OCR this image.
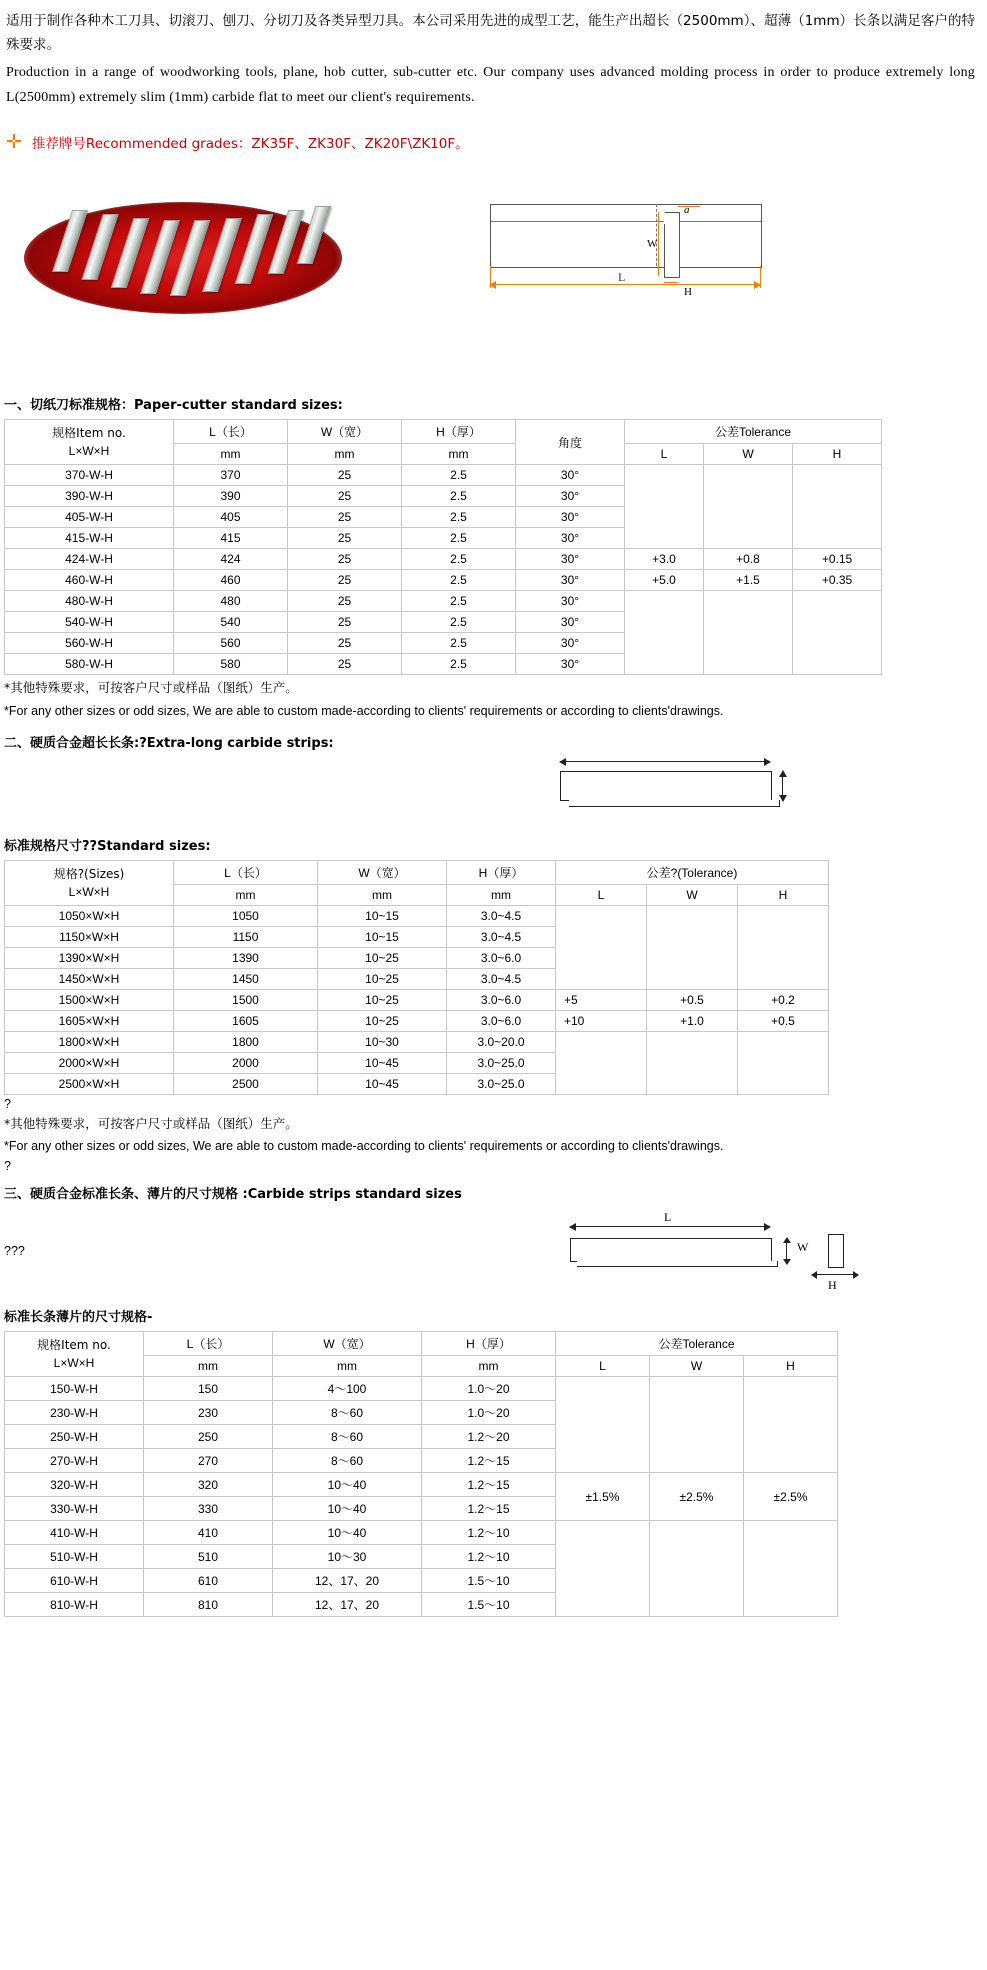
适用于制作各种木工刀具、切滚刀、刨刀、分切刀及各类异型刀具。本公司采用先进的成型工艺，能生产出超长（2500mm）、超薄（1mm）长条以满足客户的特殊要求。

Production in a range of woodworking tools, plane, hob cutter, sub-cutter etc. Our company uses advanced molding process in order to produce extremely long L(2500mm) extremely slim (1mm) carbide flat to meet our client's requirements.

✛ 推荐牌号Recommended grades： ZK35F、ZK30F、ZK20F\ZK10F。
L
a
W
H
一、切纸刀标准规格：Paper-cutter standard sizes:
规格Item no.
L×W×H	L（长）	W（宽）	H（厚）	角度	公差Tolerance		
	mm	mm	mm		L	W	H
370-W-H	370	25	2.5	30°			
390-W-H	390	25	2.5	30°			
405-W-H	405	25	2.5	30°			
415-W-H	415	25	2.5	30°			
424-W-H	424	25	2.5	30°	+3.0	+0.8	+0.15
460-W-H	460	25	2.5	30°	+5.0	+1.5	+0.35
480-W-H	480	25	2.5	30°			
540-W-H	540	25	2.5	30°			
560-W-H	560	25	2.5	30°			
580-W-H	580	25	2.5	30°			
*其他特殊要求，可按客户尺寸或样品（图纸）生产。
*For any other sizes or odd sizes, We are able to custom made-according to clients' requirements or according to clients'drawings.
二、硬质合金超长长条:?Extra-long carbide strips:
标准规格尺寸??Standard sizes:
规格?(Sizes)
L×W×H	L（长）	W（宽）	H（厚）	公差?(Tolerance)		
	mm	mm	mm	L	W	H
1050×W×H	1050	10~15	3.0~4.5			
1150×W×H	1150	10~15	3.0~4.5			
1390×W×H	1390	10~25	3.0~6.0			
1450×W×H	1450	10~25	3.0~4.5			
1500×W×H	1500	10~25	3.0~6.0	+5	+0.5	+0.2
1605×W×H	1605	10~25	3.0~6.0	+10	+1.0	+0.5
1800×W×H	1800	10~30	3.0~20.0			
2000×W×H	2000	10~45	3.0~25.0			
2500×W×H	2500	10~45	3.0~25.0			
?
*其他特殊要求，可按客户尺寸或样品（图纸）生产。
*For any other sizes or odd sizes, We are able to custom made-according to clients' requirements or according to clients'drawings.
?
三、硬质合金标准长条、薄片的尺寸规格 :Carbide strips standard sizes
L
W
H
???
标准长条薄片的尺寸规格-
规格Item no.
L×W×H	L（长）	W（宽）	H（厚）	公差Tolerance		
	mm	mm	mm	L	W	H
150-W-H	150	4～100	1.0～20			
230-W-H	230	8～60	1.0～20			
250-W-H	250	8～60	1.2～20			
270-W-H	270	8～60	1.2～15			
320-W-H	320	10～40	1.2～15	±1.5%	±2.5%	±2.5%
330-W-H	330	10～40	1.2～15			
410-W-H	410	10～40	1.2～10			
510-W-H	510	10～30	1.2～10			
610-W-H	610	12、17、20	1.5～10			
810-W-H	810	12、17、20	1.5～10			
